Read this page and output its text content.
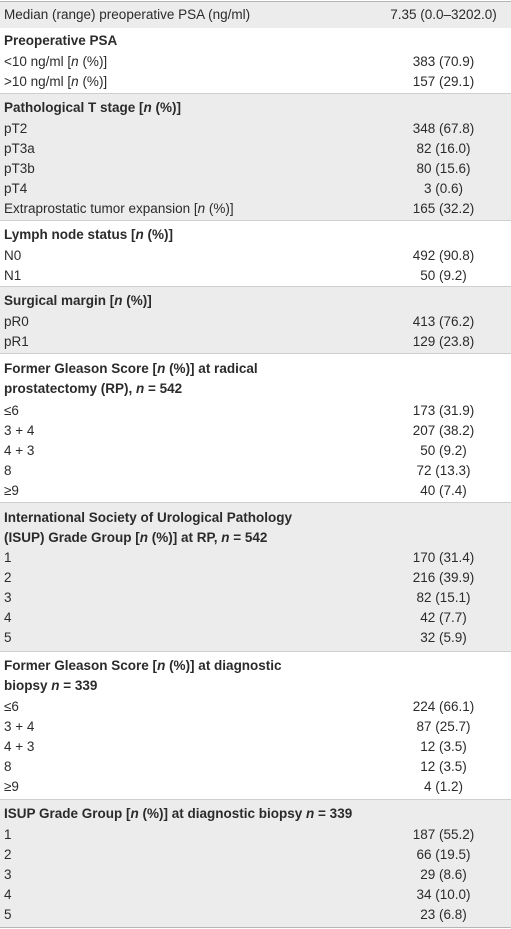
Median (range) preoperative PSA (ng/ml)	7.35 (0.0–3202.0)
Preoperative PSA
<10 ng/ml [n (%)]	383 (70.9)
>10 ng/ml [n (%)]	157 (29.1)
Pathological T stage [n (%)]
pT2	348 (67.8)
pT3a	82 (16.0)
pT3b	80 (15.6)
pT4	3 (0.6)
Extraprostatic tumor expansion [n (%)]	165 (32.2)
Lymph node status [n (%)]
N0	492 (90.8)
N1	50 (9.2)
Surgical margin [n (%)]
pR0	413 (76.2)
pR1	129 (23.8)
Former Gleason Score [n (%)] at radical
prostatectomy (RP), n = 542
≤6	173 (31.9)
3 + 4	207 (38.2)
4 + 3	50 (9.2)
8	72 (13.3)
≥9	40 (7.4)
International Society of Urological Pathology
(ISUP) Grade Group [n (%)] at RP, n = 542
1	170 (31.4)
2	216 (39.9)
3	82 (15.1)
4	42 (7.7)
5	32 (5.9)
Former Gleason Score [n (%)] at diagnostic
biopsy n = 339
≤6	224 (66.1)
3 + 4	87 (25.7)
4 + 3	12 (3.5)
8	12 (3.5)
≥9	4 (1.2)
ISUP Grade Group [n (%)] at diagnostic biopsy n = 339
1	187 (55.2)
2	66 (19.5)
3	29 (8.6)
4	34 (10.0)
5	23 (6.8)
